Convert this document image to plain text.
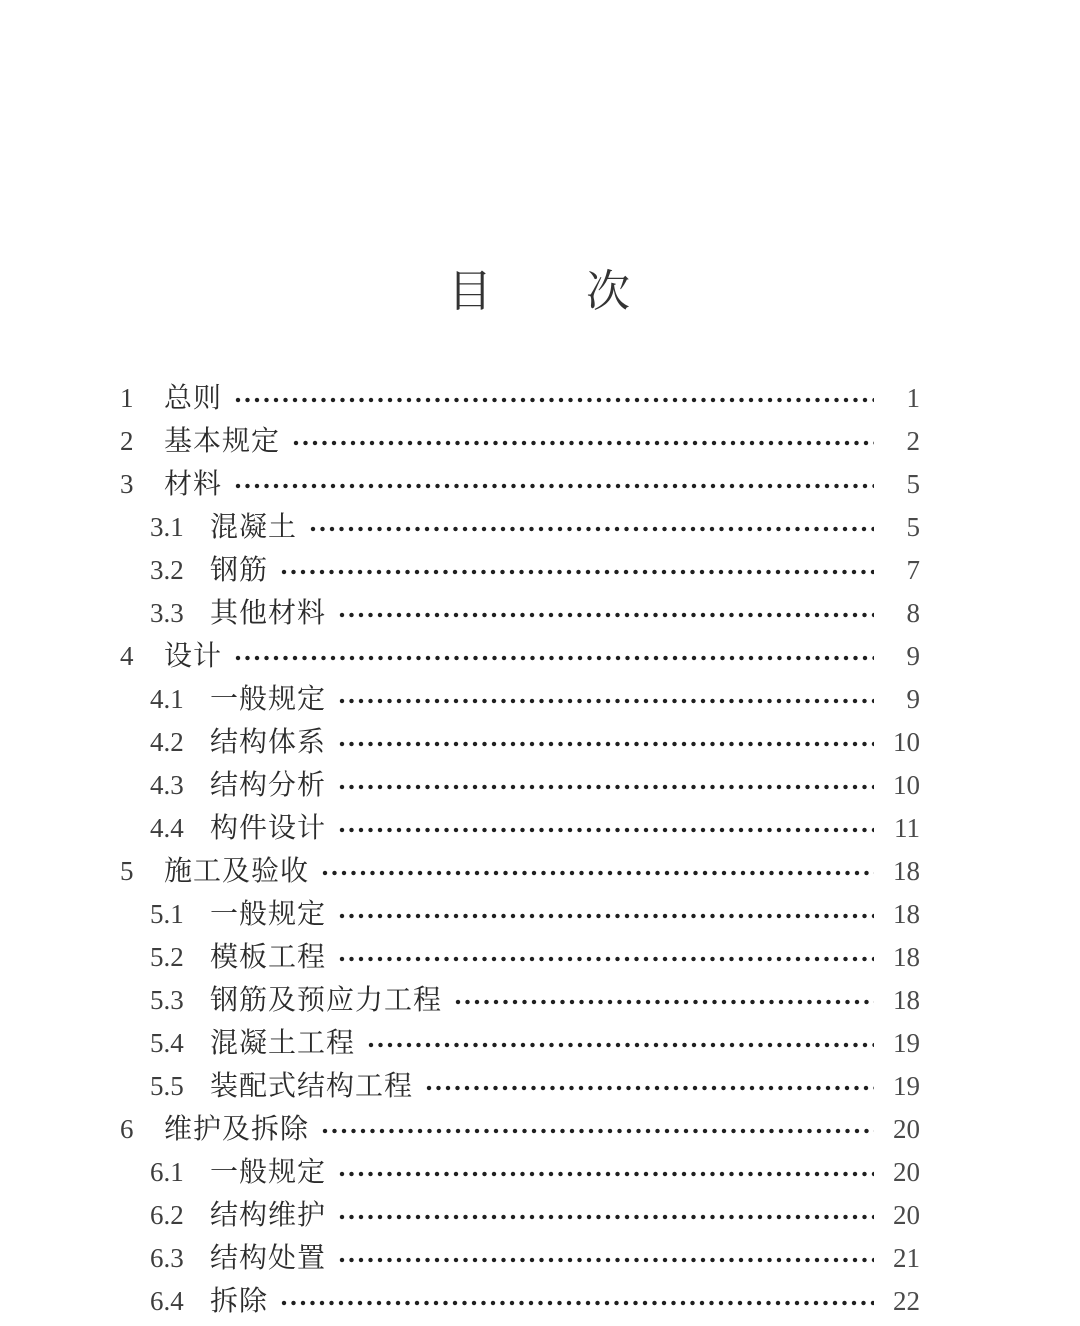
目　　次
1	总则	1
2	基本规定	2
3	材料	5
3.1 混凝土	5
3.2 钢筋	7
3.3 其他材料	8
4	设计	9
4.1 一般规定	9
4.2 结构体系	10
4.3 结构分析	10
4.4 构件设计	11
5	施工及验收	18
5.1 一般规定	18
5.2 模板工程	18
5.3 钢筋及预应力工程	18
5.4 混凝土工程	19
5.5 装配式结构工程	19
6	维护及拆除	20
6.1 一般规定	20
6.2 结构维护	20
6.3 结构处置	21
6.4 拆除	22
